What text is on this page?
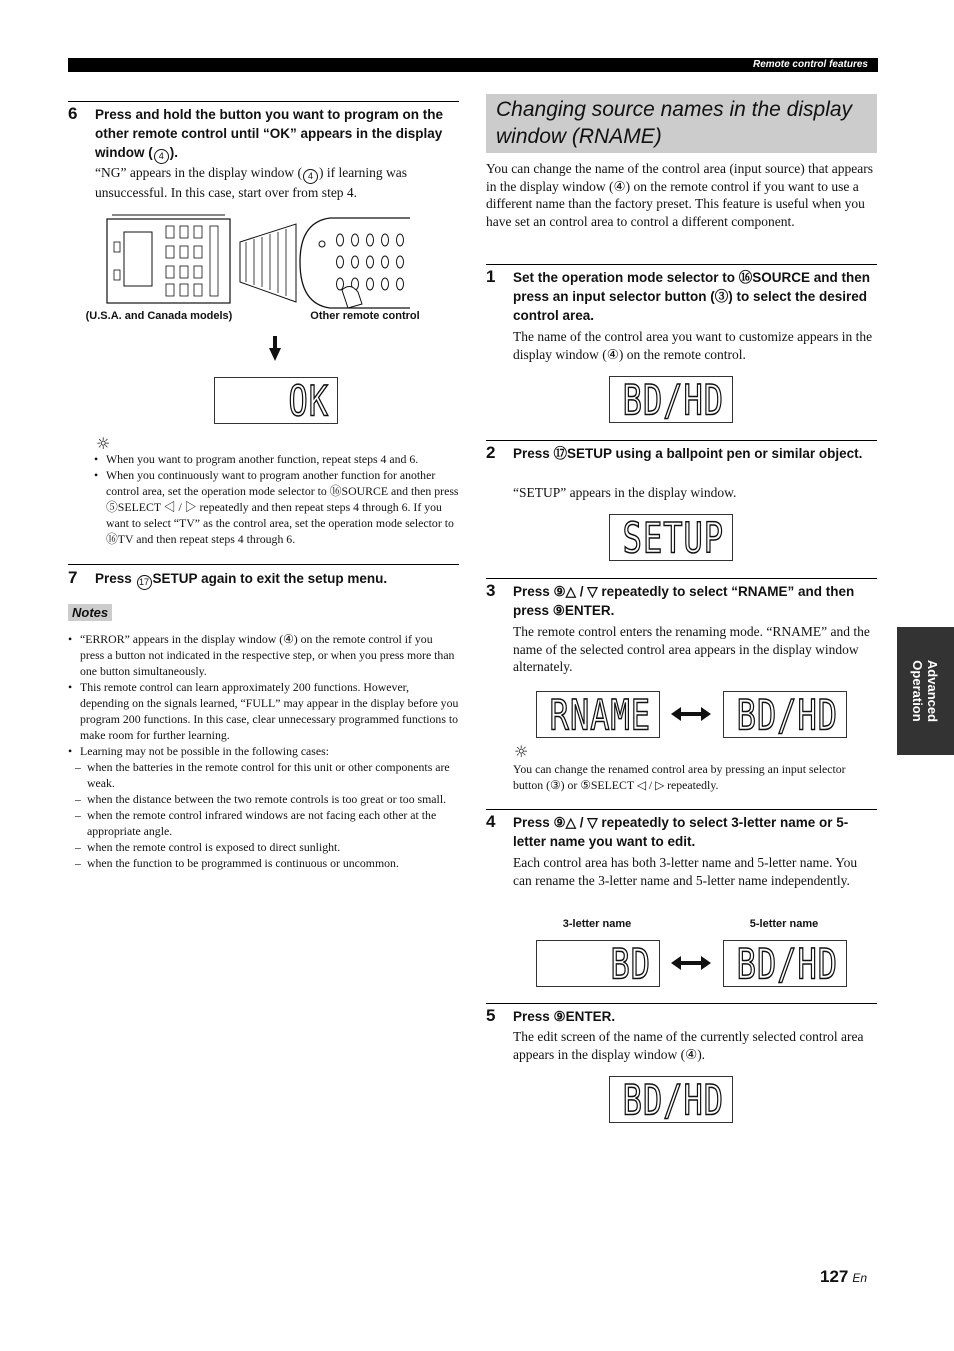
Remote control features
6 Press and hold the button you want to program on the other remote control until “OK” appears in the display window ( 4 ).
“NG” appears in the display window ( 4 ) if learning was unsuccessful. In this case, start over from step 4.
(U.S.A. and Canada models)	Other remote control
OK
☼
• When you want to program another function, repeat steps 4 and 6.
• When you continuously want to program another function for another control area, set the operation mode selector to ⑯SOURCE and then press ⑤SELECT ◁ / ▷ repeatedly and then repeat steps 4 through 6. If you want to select “TV” as the control area, set the operation mode selector to ⑯TV and then repeat steps 4 through 6.
7 Press 17 SETUP again to exit the setup menu.
Notes
• “ERROR” appears in the display window (④) on the remote control if you press a button not indicated in the respective step, or when you press more than one button simultaneously.
• This remote control can learn approximately 200 functions. However, depending on the signals learned, “FULL” may appear in the display before you program 200 functions. In this case, clear unnecessary programmed functions to make room for further learning.
• Learning may not be possible in the following cases:
– when the batteries in the remote control for this unit or other components are weak.
– when the distance between the two remote controls is too great or too small.
– when the remote control infrared windows are not facing each other at the appropriate angle.
– when the remote control is exposed to direct sunlight.
– when the function to be programmed is continuous or uncommon.
Changing source names in the display window (RNAME)
You can change the name of the control area (input source) that appears in the display window (④) on the remote control if you want to use a different name than the factory preset. This feature is useful when you have set an control area to control a different component.
1 Set the operation mode selector to ⑯SOURCE and then press an input selector button (③) to select the desired control area.
The name of the control area you want to customize appears in the display window (④) on the remote control.
BD/HD
2 Press ⑰SETUP using a ballpoint pen or similar object.
“SETUP” appears in the display window.
SETUP
3 Press ⑨△ / ▽ repeatedly to select “RNAME” and then press ⑨ENTER.
The remote control enters the renaming mode. “RNAME” and the name of the selected control area appears in the display window alternately.
RNAME	BD/HD
☼
You can change the renamed control area by pressing an input selector button (③) or ⑤SELECT ◁ / ▷ repeatedly.
4 Press ⑨△ / ▽ repeatedly to select 3-letter name or 5-letter name you want to edit.
Each control area has both 3-letter name and 5-letter name. You can rename the 3-letter name and 5-letter name independently.
3-letter name	5-letter name
BD	BD/HD
5 Press ⑨ENTER.
The edit screen of the name of the currently selected control area appears in the display window (④).
BD/HD
Advanced Operation
127 En
